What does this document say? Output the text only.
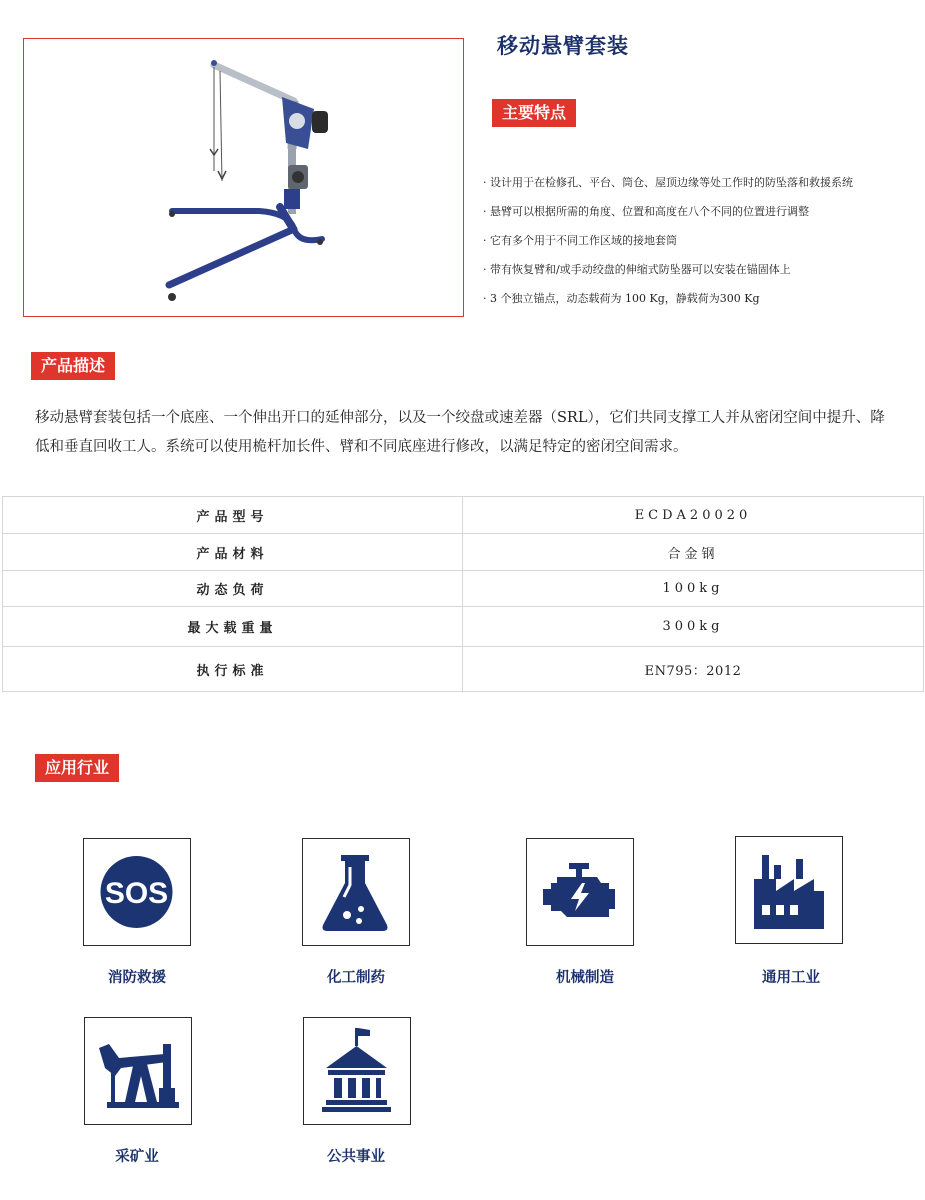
移动悬臂套装
主要特点
· 设计用于在检修孔、平台、筒仓、屋顶边缘等处工作时的防坠落和救援系统
· 悬臂可以根据所需的角度、位置和高度在八个不同的位置进行调整
· 它有多个用于不同工作区域的接地套筒
· 带有恢复臂和/或手动绞盘的伸缩式防坠器可以安装在锚固体上
· 3 个独立锚点，动态载荷为 100 Kg，静载荷为300 Kg
产品描述

移动悬臂套装包括一个底座、一个伸出开口的延伸部分，以及一个绞盘或速差器（SRL），它们共同支撑工人并从密闭空间中提升、降低和垂直回收工人。系统可以使用桅杆加长件、臂和不同底座进行修改，以满足特定的密闭空间需求。

产品型号	ECDA20020
产品材料	合金钢
动态负荷	100kg
最大载重量	300kg
执行标准	EN795：2012
应用行业
SOS
消防救援	化工制药	机械制造	通用工业
采矿业	公共事业
